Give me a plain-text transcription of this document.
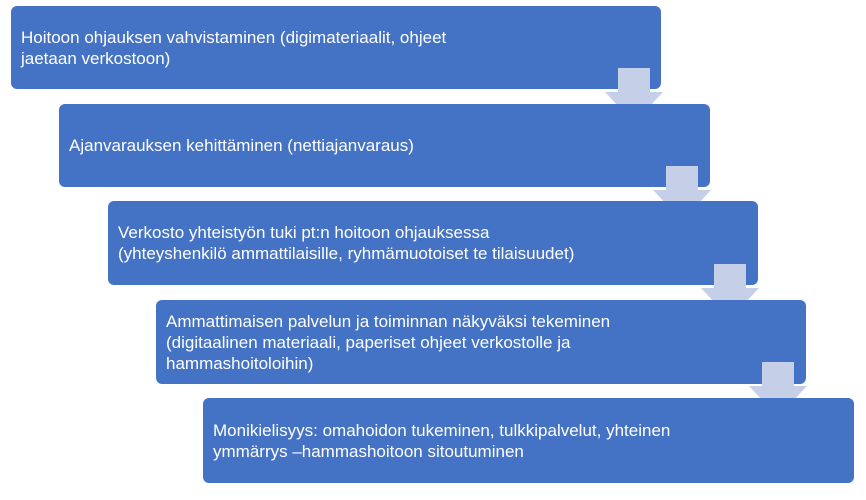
Hoitoon ohjauksen vahvistaminen (digimateriaalit, ohjeet
jaetaan verkostoon)
Ajanvarauksen kehittäminen (nettiajanvaraus)
Verkosto yhteistyön tuki pt:n hoitoon ohjauksessa
(yhteyshenkilö ammattilaisille, ryhmämuotoiset te tilaisuudet)
Ammattimaisen palvelun ja toiminnan näkyväksi tekeminen
(digitaalinen materiaali, paperiset ohjeet verkostolle ja
hammashoitoloihin)
Monikielisyys: omahoidon tukeminen, tulkkipalvelut, yhteinen
ymmärrys –hammashoitoon sitoutuminen
